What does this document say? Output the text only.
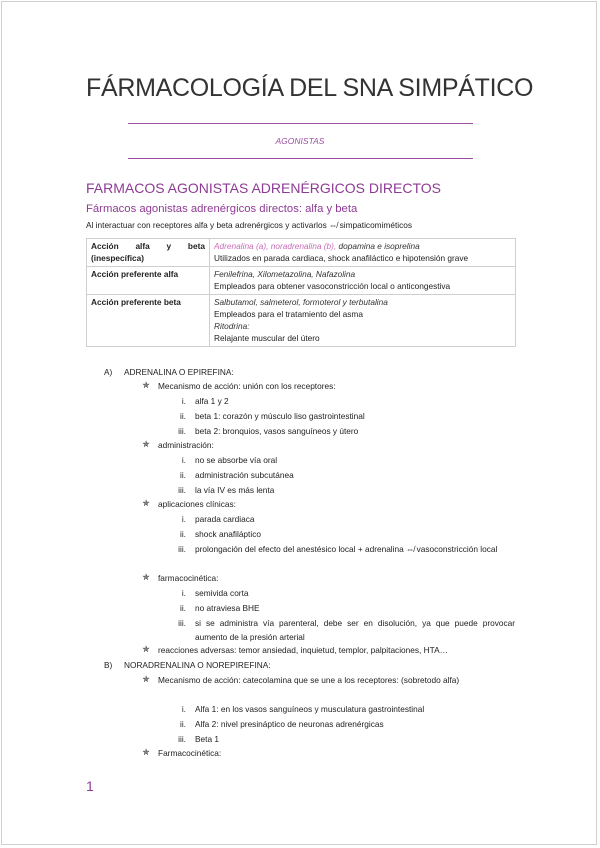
FÁRMACOLOGÍA DEL SNA SIMPÁTICO
AGONISTAS
FARMACOS AGONISTAS ADRENÉRGICOS DIRECTOS
Fármacos agonistas adrenérgicos directos: alfa y beta
Al interactuar con receptores alfa y beta adrenérgicos y activarlos ⇎ simpaticomiméticos
Acción alfa y beta (inespecífica)	Adrenalina (a), noradrenalina (b), dopamina e isoprelina

Utilizados en parada cardiaca, shock anafiláctico e hipotensión grave

Acción preferente alfa	Fenilefrina, Xilometazolina, Nafazolina
Empleados para obtener vasoconstricción local o anticongestiva
Acción preferente beta	Salbutamol, salmeterol, formoterol y terbutalina
Empleados para el tratamiento del asma
Ritodrina:
Relajante muscular del útero
A) ADRENALINA O EPIREFINA:
✯ Mecanismo de acción: unión con los receptores:
i. alfa 1 y 2
ii. beta 1: corazón y músculo liso gastrointestinal
iii. beta 2: bronquios, vasos sanguíneos y útero
✯ administración:
i. no se absorbe vía oral
ii. administración subcutánea
iii. la vía IV es más lenta
✯ aplicaciones clínicas:
i. parada cardiaca
ii. shock anafiláptico
iii. prolongación del efecto del anestésico local + adrenalina ⇎ vasoconstricción local
✯ farmacocinética:
i. semivida corta
ii. no atraviesa BHE
iii. si se administra vía parenteral, debe ser en disolución, ya que puede provocar aumento de la presión arterial
✯ reacciones adversas: temor ansiedad, inquietud, templor, palpitaciones, HTA…
B) NORADRENALINA O NOREPIREFINA:
✯ Mecanismo de acción: catecolamina que se une a los receptores: (sobretodo alfa)
i. Alfa 1: en los vasos sanguíneos y musculatura gastrointestinal
ii. Alfa 2: nivel presináptico de neuronas adrenérgicas
iii. Beta 1
✯ Farmacocinética:
1
